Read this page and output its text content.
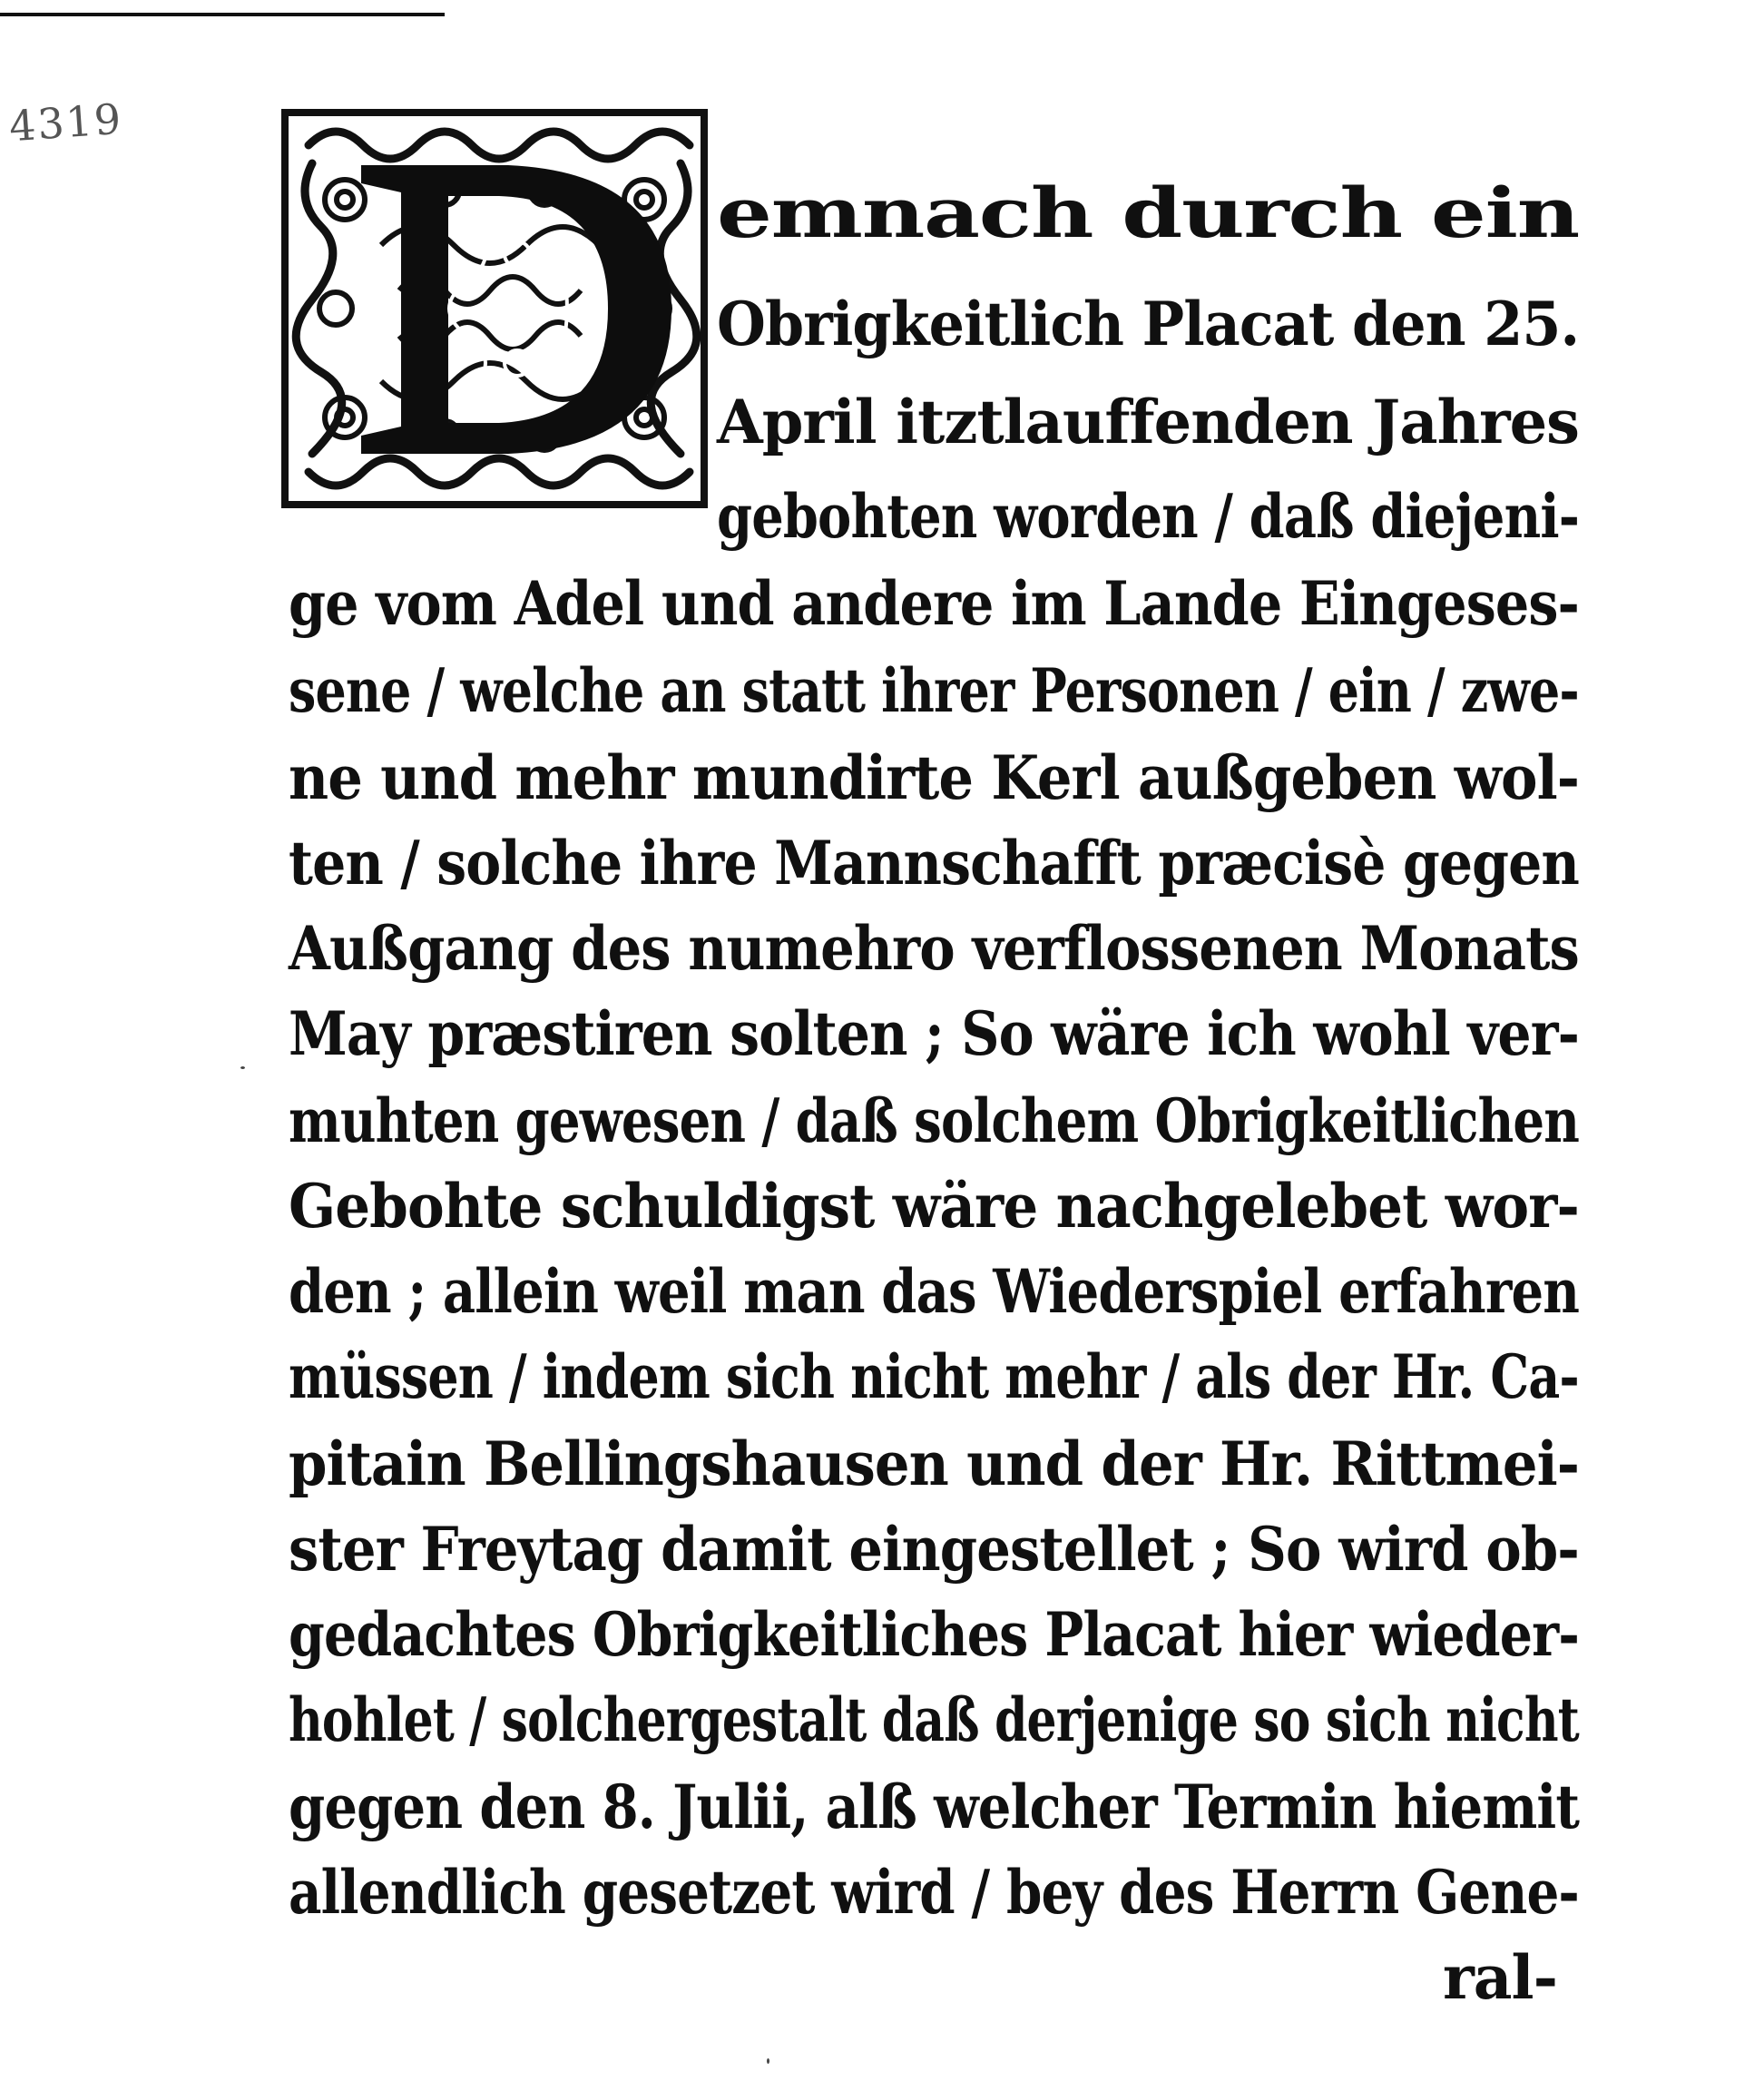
4319
emnach durch ein
Obrigkeitlich Placat den 25.
April itztlauffenden Jahres
gebohten worden / daß diejeni-
ge vom Adel und andere im Lande Eingeses-
sene / welche an statt ihrer Personen / ein / zwe-
ne und mehr mundirte Kerl außgeben wol-
ten / solche ihre Mannschafft præcisè gegen
Außgang des numehro verflossenen Monats
May præstiren solten ; So wäre ich wohl ver-
muhten gewesen / daß solchem Obrigkeitlichen
Gebohte schuldigst wäre nachgelebet wor-
den ; allein weil man das Wiederspiel erfahren
müssen / indem sich nicht mehr / als der Hr. Ca-
pitain Bellingshausen und der Hr. Rittmei-
ster Freytag damit eingestellet ; So wird ob-
gedachtes Obrigkeitliches Placat hier wieder-
hohlet / solchergestalt daß derjenige so sich nicht
gegen den 8. Julii, alß welcher Termin hiemit
allendlich gesetzet wird / bey des Herrn Gene-
ral-
